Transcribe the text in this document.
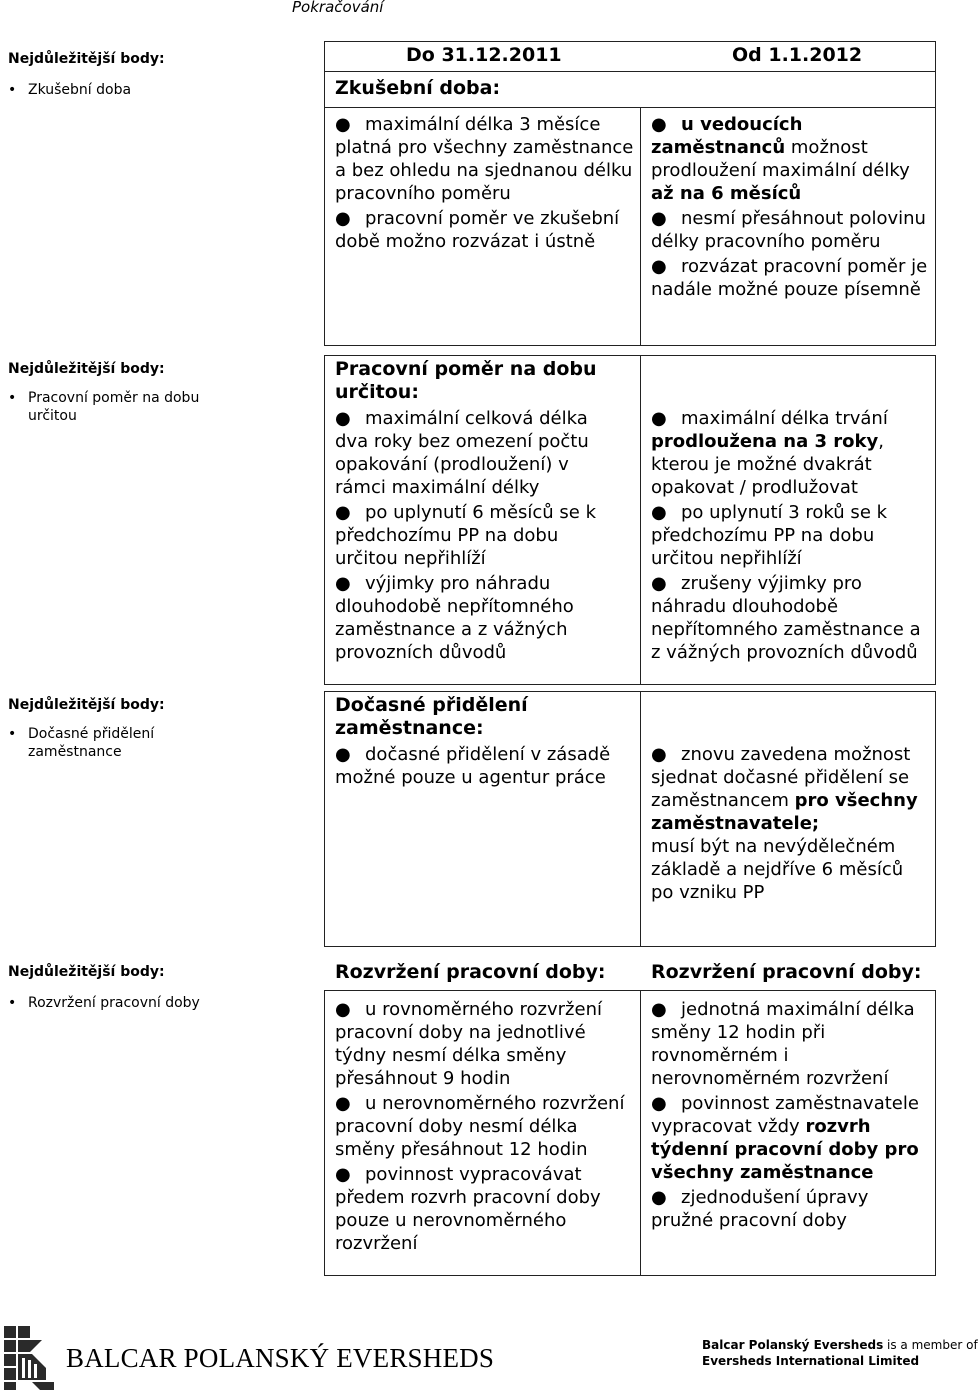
Pokračování
Nejdůležitější body:
• Zkušební doba
Do 31.12.2011	Od 1.1.2012
Zkušební doba:
● maximální délka 3 měsíce platná pro všechny zaměstnance a bez ohledu na sjednanou délku pracovního poměru
● pracovní poměr ve zkušební době možno rozvázat i ústně
● u vedoucích zaměstnanců možnost prodloužení maximální délky až na 6 měsíců
● nesmí přesáhnout polovinu délky pracovního poměru
● rozvázat pracovní poměr je nadále možné pouze písemně
Nejdůležitější body:
• Pracovní poměr na dobu určitou
Pracovní poměr na dobu určitou:
● maximální celková délka dva roky bez omezení počtu opakování (prodloužení) v rámci maximální délky
● po uplynutí 6 měsíců se k předchozímu PP na dobu určitou nepřihlíží
● výjimky pro náhradu dlouhodobě nepřítomného zaměstnance a z vážných provozních důvodů
● maximální délka trvání prodloužena na 3 roky, kterou je možné dvakrát opakovat / prodlužovat
● po uplynutí 3 roků se k předchozímu PP na dobu určitou nepřihlíží
● zrušeny výjimky pro náhradu dlouhodobě nepřítomného zaměstnance a z vážných provozních důvodů
Nejdůležitější body:
• Dočasné přidělení zaměstnance
Dočasné přidělení zaměstnance:
● dočasné přidělení v zásadě možné pouze u agentur práce
● znovu zavedena možnost sjednat dočasné přidělení se zaměstnancem pro všechny zaměstnavatele;
musí být na nevýdělečném základě a nejdříve 6 měsíců po vzniku PP
Nejdůležitější body:
• Rozvržení pracovní doby
Rozvržení pracovní doby: Rozvržení pracovní doby:
● u rovnoměrného rozvržení pracovní doby na jednotlivé týdny nesmí délka směny přesáhnout 9 hodin
● u nerovnoměrného rozvržení pracovní doby nesmí délka směny přesáhnout 12 hodin
● povinnost vypracovávat předem rozvrh pracovní doby pouze u nerovnoměrného rozvržení
● jednotná maximální délka směny 12 hodin při rovnoměrném i nerovnoměrném rozvržení
● povinnost zaměstnavatele vypracovat vždy rozvrh týdenní pracovní doby pro všechny zaměstnance
● zjednodušení úpravy pružné pracovní doby
BALCAR POLANSKÝ EVERSHEDS	Balcar Polanský Eversheds is a member of
Eversheds International Limited
